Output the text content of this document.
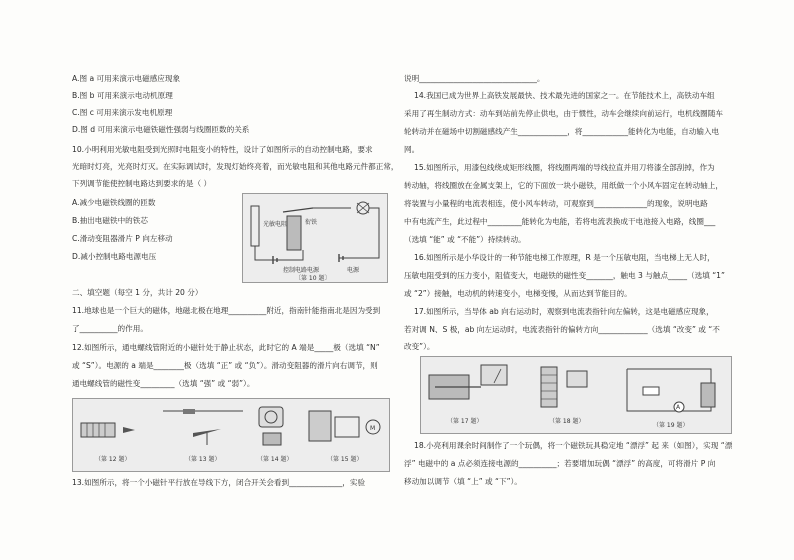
A.图 a 可用来演示电磁感应现象
B.图 b 可用来演示电动机原理
C.图 c 可用来演示发电机原理
D.图 d 可用来演示电磁铁磁性强弱与线圈匝数的关系
10.小明利用光敏电阻受到光照时电阻变小的特性，设计了如图所示的自动控制电路，要求
光暗时灯亮，光亮时灯灭。在实际调试时，发现灯始终亮着，而光敏电阻和其他电路元件都正常，
下列调节能使控制电路达到要求的是（ ）
A.减少电磁铁线圈的匝数
B.抽出电磁铁中的铁芯
C.滑动变阻器滑片 P 向左移动
D.减小控制电路电源电压
光敏电阻	衔铁
控制电路电源	电源
〔第 10 题〕
二、填空题（每空 1 分，共计 20 分）
11.地球也是一个巨大的磁体，地磁北极在地理__________附近，指南针能指南北是因为受到
了__________的作用。
12.如图所示，通电螺线管附近的小磁针处于静止状态，此时它的 A 端是_____极（选填 “N”
或 “S”）。电源的 a 端是________极（选填 “正” 或 “负”）。滑动变阻器的滑片向右调节，则
通电螺线管的磁性变_________（选填 “强” 或 “弱”）。
（第 12 题）	（第 13 题）	（第 14 题）
M
（第 15 题）
13.如图所示，将一个小磁针平行放在导线下方，闭合开关会看到______________，实验
说明_______________________________。
14.我国已成为世界上高铁发展最快、技术最先进的国家之一。在节能技术上，高铁动车组
采用了再生制动方式：动车到站前先停止供电，由于惯性，动车会继续向前运行，电机线圈随车
轮转动并在磁场中切割磁感线产生_____________，将____________能转化为电能，自动输入电
网。
15.如图所示，用漆包线绕成矩形线圈，将线圈两端的导线拉直并用刀将漆全部刮掉，作为
转动轴，将线圈放在金属支架上，它的下面放一块小磁铁，用纸做一个小风车固定在转动轴上，
将装置与小量程的电流表相连，使小风车转动，可观察到______________的现象，说明电路
中有电流产生，此过程中_________能转化为电能，若将电流表换成干电池接入电路，线圈___
（选填 “能” 或 “不能”）持续转动。
16.如图所示是小华设计的一种节能电梯工作原理，R 是一个压敏电阻，当电梯上无人时，
压敏电阻受到的压力变小，阻值变大，电磁铁的磁性变_______，触电 3 与触点_____（选填 “1”
或 “2”）接触，电动机的转速变小，电梯变慢，从而达到节能目的。
17.如图所示，当导体 ab 向右运动时，观察到电流表指针向左偏转，这是电磁感应现象，
若对调 N、S 极，ab 向左运动时，电流表指针的偏转方向_____________（选填 “改变” 或 “不
改变”）。
（第 17 题）	（第 18 题）
A
（第 19 题）
18.小亮利用课余时间制作了一个玩偶，将一个磁铁玩具稳定地 “漂浮” 起 来（如图），实现 “漂
浮” 电磁中的 a 点必须连接电源的__________；若要增加玩偶 “漂浮” 的高度，可将滑片 P 向
移动加以调节（填 “上” 或 “下”）。
